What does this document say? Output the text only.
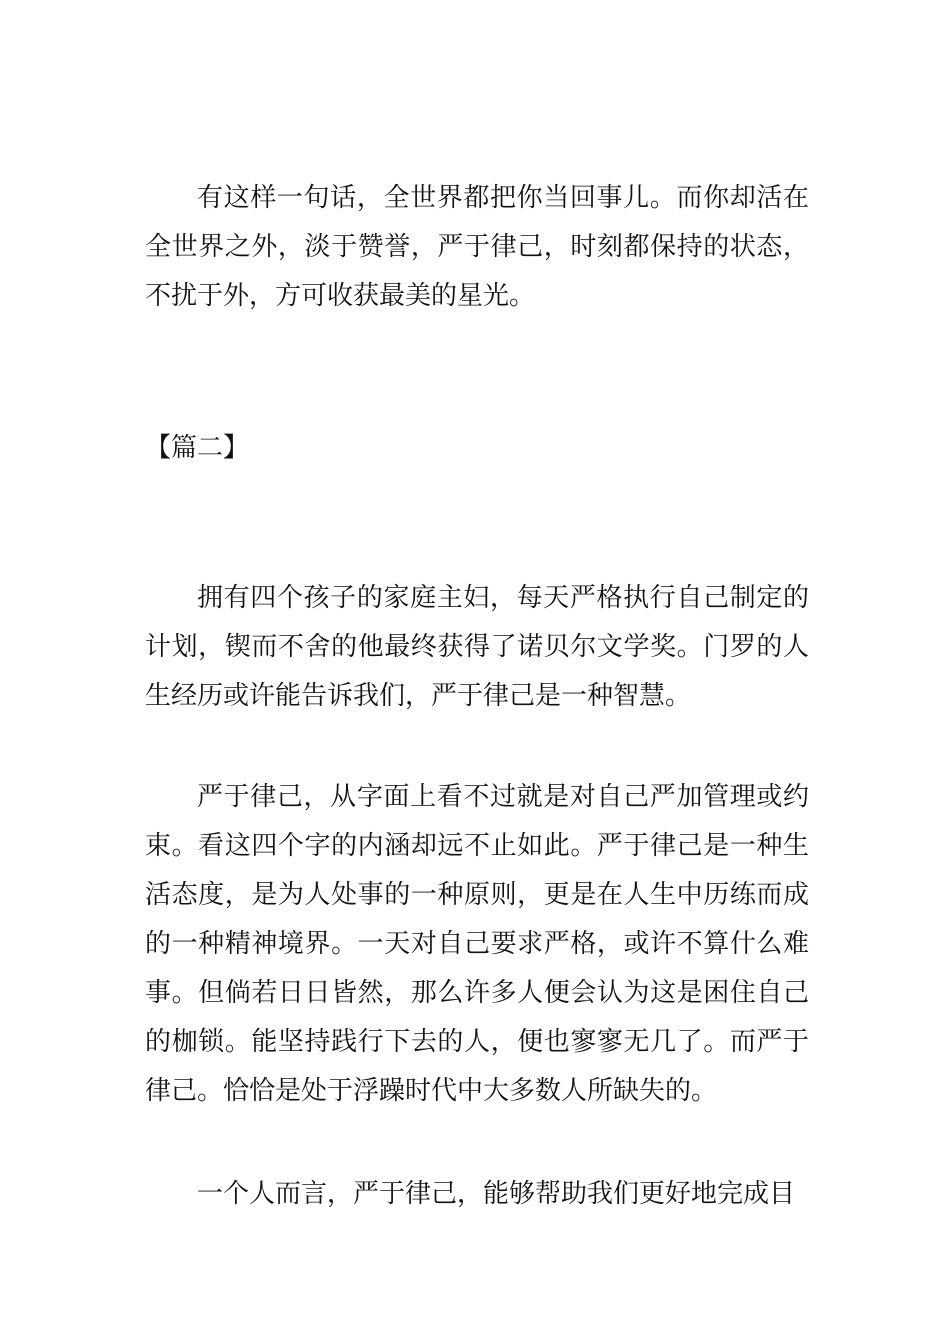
有这样一句话，全世界都把你当回事儿。而你却活在全世界之外，淡于赞誉，严于律己，时刻都保持的状态，不扰于外，方可收获最美的星光。

【篇二】

拥有四个孩子的家庭主妇，每天严格执行自己制定的计划，锲而不舍的他最终获得了诺贝尔文学奖。门罗的人生经历或许能告诉我们，严于律己是一种智慧。

严于律己，从字面上看不过就是对自己严加管理或约束。看这四个字的内涵却远不止如此。严于律己是一种生活态度，是为人处事的一种原则，更是在人生中历练而成的一种精神境界。一天对自己要求严格，或许不算什么难事。但倘若日日皆然，那么许多人便会认为这是困住自己的枷锁。能坚持践行下去的人，便也寥寥无几了。而严于律己。恰恰是处于浮躁时代中大多数人所缺失的。

一个人而言，严于律己，能够帮助我们更好地完成目
